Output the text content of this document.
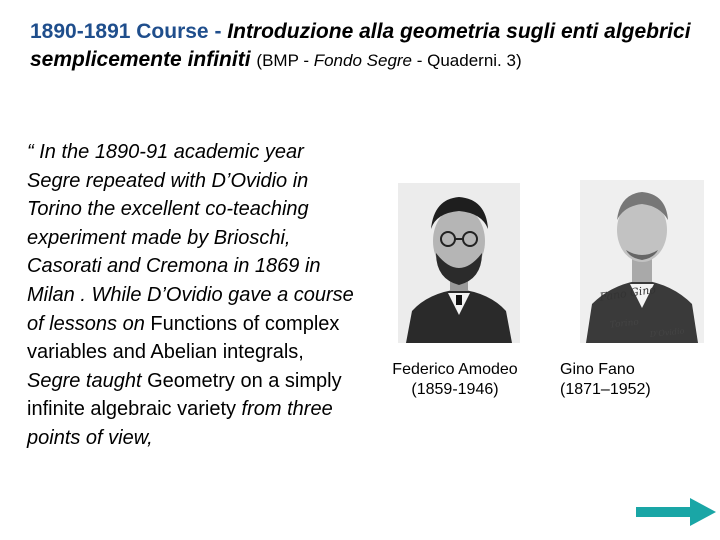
1890-1891 Course - Introduzione alla geometria sugli enti algebrici semplicemente infiniti (BMP - Fondo Segre - Quaderni. 3)
“ In the 1890-91 academic year Segre repeated with D’Ovidio in Torino the excellent co-teaching experiment made by Brioschi, Casorati and Cremona in 1869 in Milan . While D’Ovidio gave a course of lessons on Functions of complex variables and Abelian integrals, Segre taught Geometry on a simply infinite algebraic variety from three points of view,
Fano Gino
Torino
D'Ovidio
Federico Amodeo
(1859-1946)
Gino Fano
(1871–1952)
